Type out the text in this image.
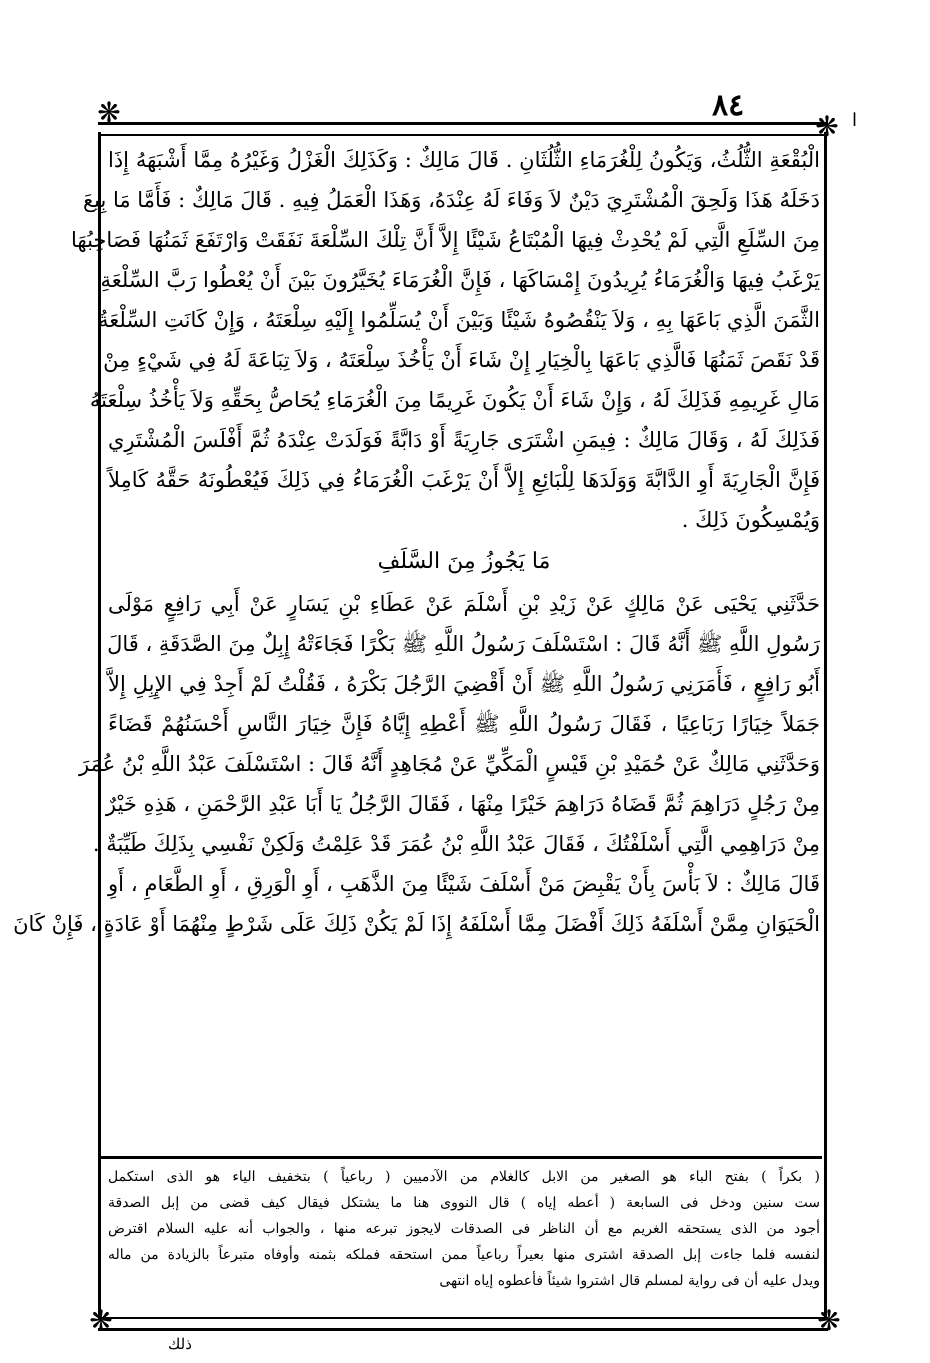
❋	❋
❋	❋
٨٤	ا
الْبُقْعَةِ الثُّلُثُ، وَيَكُونُ لِلْغُرَمَاءِ الثُّلُثَانِ . قَالَ مَالِكٌ : وَكَذَلِكَ الْغَزْلُ وَغَيْرُهُ مِمَّا أَشْبَهَهُ إِذَا
دَخَلَهُ هَذَا وَلَحِقَ الْمُشْتَرِيَ دَيْنٌ لاَ وَفَاءَ لَهُ عِنْدَهُ، وَهَذَا الْعَمَلُ فِيهِ . قَالَ مَالِكٌ : فَأَمَّا مَا بِيعَ
مِنَ السِّلَعِ الَّتِي لَمْ يُحْدِثْ فِيهَا الْمُبْتَاعُ شَيْئًا إِلاَّ أَنَّ تِلْكَ السِّلْعَةَ نَفَقَتْ وَارْتَفَعَ ثَمَنُهَا فَصَاحِبُهَا
يَرْغَبُ فِيهَا وَالْغُرَمَاءُ يُرِيدُونَ إِمْسَاكَهَا ، فَإِنَّ الْغُرَمَاءَ يُخَيَّرُونَ بَيْنَ أَنْ يُعْطُوا رَبَّ السِّلْعَةِ
الثَّمَنَ الَّذِي بَاعَهَا بِهِ ، وَلاَ يَنْقُصُوهُ شَيْئًا وَبَيْنَ أَنْ يُسَلِّمُوا إِلَيْهِ سِلْعَتَهُ ، وَإِنْ كَانَتِ السِّلْعَةُ
قَدْ نَقَصَ ثَمَنُهَا فَالَّذِي بَاعَهَا بِالْخِيَارِ إِنْ شَاءَ أَنْ يَأْخُذَ سِلْعَتَهُ ، وَلاَ تِبَاعَةَ لَهُ فِي شَيْءٍ مِنْ
مَالِ غَرِيمِهِ فَذَلِكَ لَهُ ، وَإِنْ شَاءَ أَنْ يَكُونَ غَرِيمًا مِنَ الْغُرَمَاءِ يُحَاصُّ بِحَقِّهِ وَلاَ يَأْخُذُ سِلْعَتَهُ
فَذَلِكَ لَهُ ، وَقَالَ مَالِكٌ : فِيمَنِ اشْتَرَى جَارِيَةً أَوْ دَابَّةً فَوَلَدَتْ عِنْدَهُ ثُمَّ أَفْلَسَ الْمُشْتَرِي
فَإِنَّ الْجَارِيَةَ أَوِ الدَّابَّةَ وَوَلَدَهَا لِلْبَائِعِ إِلاَّ أَنْ يَرْغَبَ الْغُرَمَاءُ فِي ذَلِكَ فَيُعْطُونَهُ حَقَّهُ كَامِلاً
وَيُمْسِكُونَ ذَلِكَ .
مَا يَجُوزُ مِنَ السَّلَفِ
حَدَّثَنِي يَحْيَى عَنْ مَالِكٍ عَنْ زَيْدِ بْنِ أَسْلَمَ عَنْ عَطَاءِ بْنِ يَسَارٍ عَنْ أَبِي رَافِعٍ مَوْلَى
رَسُولِ اللَّهِ ﷺ أَنَّهُ قَالَ : اسْتَسْلَفَ رَسُولُ اللَّهِ ﷺ بَكْرًا فَجَاءَتْهُ إِبِلٌ مِنَ الصَّدَقَةِ ، قَالَ
أَبُو رَافِعٍ ، فَأَمَرَنِي رَسُولُ اللَّهِ ﷺ أَنْ أَقْضِيَ الرَّجُلَ بَكْرَهُ ، فَقُلْتُ لَمْ أَجِدْ فِي الإِبِلِ إِلاَّ
جَمَلاً خِيَارًا رَبَاعِيًا ، فَقَالَ رَسُولُ اللَّهِ ﷺ أَعْطِهِ إِيَّاهُ فَإِنَّ خِيَارَ النَّاسِ أَحْسَنُهُمْ قَضَاءً
وَحَدَّثَنِي مَالِكٌ عَنْ حُمَيْدِ بْنِ قَيْسٍ الْمَكِّيِّ عَنْ مُجَاهِدٍ أَنَّهُ قَالَ : اسْتَسْلَفَ عَبْدُ اللَّهِ بْنُ عُمَرَ
مِنْ رَجُلٍ دَرَاهِمَ ثُمَّ قَضَاهُ دَرَاهِمَ خَيْرًا مِنْهَا ، فَقَالَ الرَّجُلُ يَا أَبَا عَبْدِ الرَّحْمَنِ ، هَذِهِ خَيْرٌ
مِنْ دَرَاهِمِي الَّتِي أَسْلَفْتُكَ ، فَقَالَ عَبْدُ اللَّهِ بْنُ عُمَرَ قَدْ عَلِمْتُ وَلَكِنْ نَفْسِي بِذَلِكَ طَيِّبَةٌ .
قَالَ مَالِكٌ : لاَ بَأْسَ بِأَنْ يَقْبِضَ مَنْ أَسْلَفَ شَيْئًا مِنَ الذَّهَبِ ، أَوِ الْوَرِقِ ، أَوِ الطَّعَامِ ، أَوِ
الْحَيَوَانِ مِمَّنْ أَسْلَفَهُ ذَلِكَ أَفْضَلَ مِمَّا أَسْلَفَهُ إِذَا لَمْ يَكُنْ ذَلِكَ عَلَى شَرْطٍ مِنْهُمَا أَوْ عَادَةٍ ، فَإِنْ كَانَ
( بكراً ) بفتح الباء هو الصغير من الابل كالغلام من الآدميين ( رباعياً ) بتخفيف الياء هو الذى استكمل
ست سنين ودخل فى السابعة ( أعطه إياه ) قال النووى هنا ما يشتكل فيقال كيف قضى من إبل الصدقة
أجود من الذى يستحقه الغريم مع أن الناظر فى الصدقات لايجوز تبرعه منها ، والجواب أنه عليه السلام اقترض
لنفسه فلما جاءت إبل الصدقة اشترى منها بعيراً رباعياً ممن استحقه فملكه بثمنه وأوفاه متبرعاً بالزيادة من ماله
ويدل عليه أن فى رواية لمسلم قال اشتروا شيئاً فأعطوه إياه انتهى
ذلك
